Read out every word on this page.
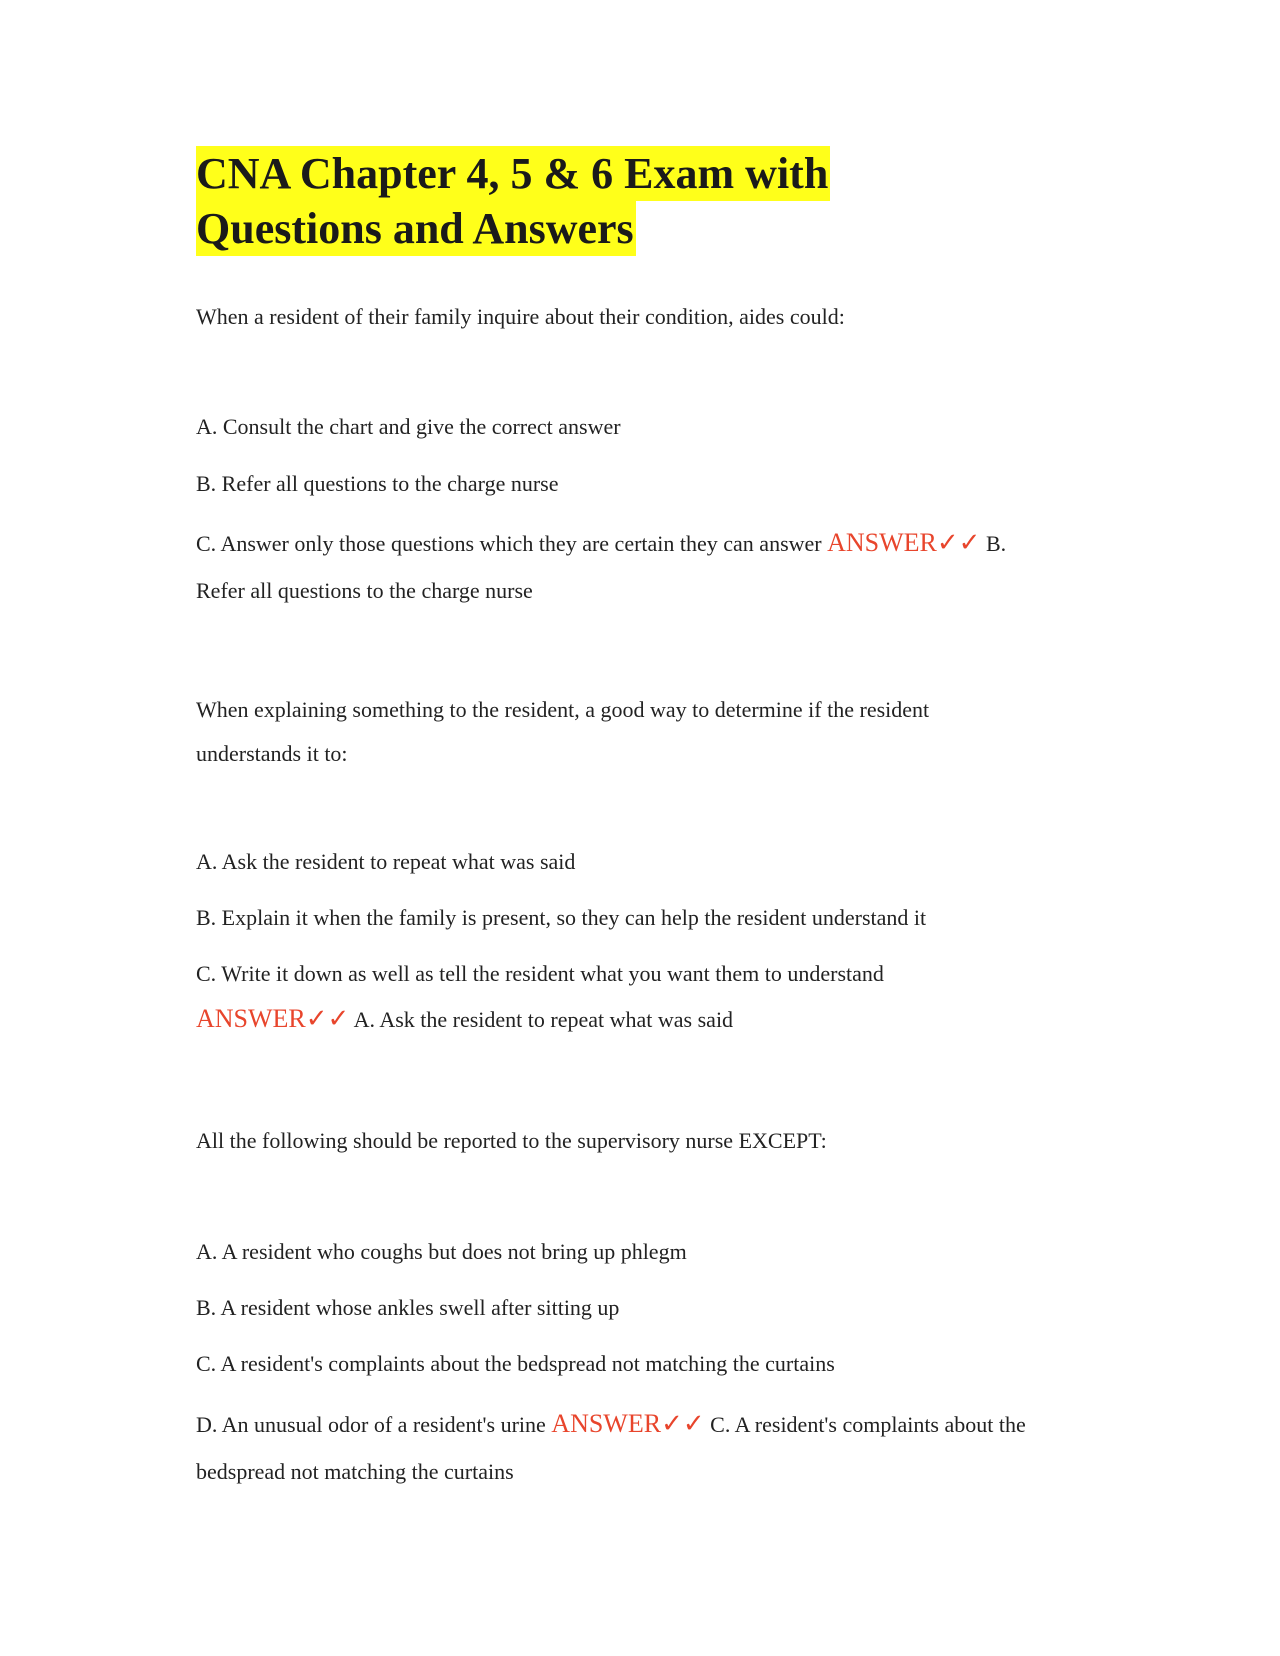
CNA Chapter 4, 5 & 6 Exam with
Questions and Answers
When a resident of their family inquire about their condition, aides could:
A. Consult the chart and give the correct answer
B. Refer all questions to the charge nurse
C. Answer only those questions which they are certain they can answer ANSWER✓✓ B.
Refer all questions to the charge nurse
When explaining something to the resident, a good way to determine if the resident
understands it to:
A. Ask the resident to repeat what was said
B. Explain it when the family is present, so they can help the resident understand it
C. Write it down as well as tell the resident what you want them to understand
ANSWER✓✓ A. Ask the resident to repeat what was said
All the following should be reported to the supervisory nurse EXCEPT:
A. A resident who coughs but does not bring up phlegm
B. A resident whose ankles swell after sitting up
C. A resident's complaints about the bedspread not matching the curtains
D. An unusual odor of a resident's urine ANSWER✓✓ C. A resident's complaints about the
bedspread not matching the curtains
